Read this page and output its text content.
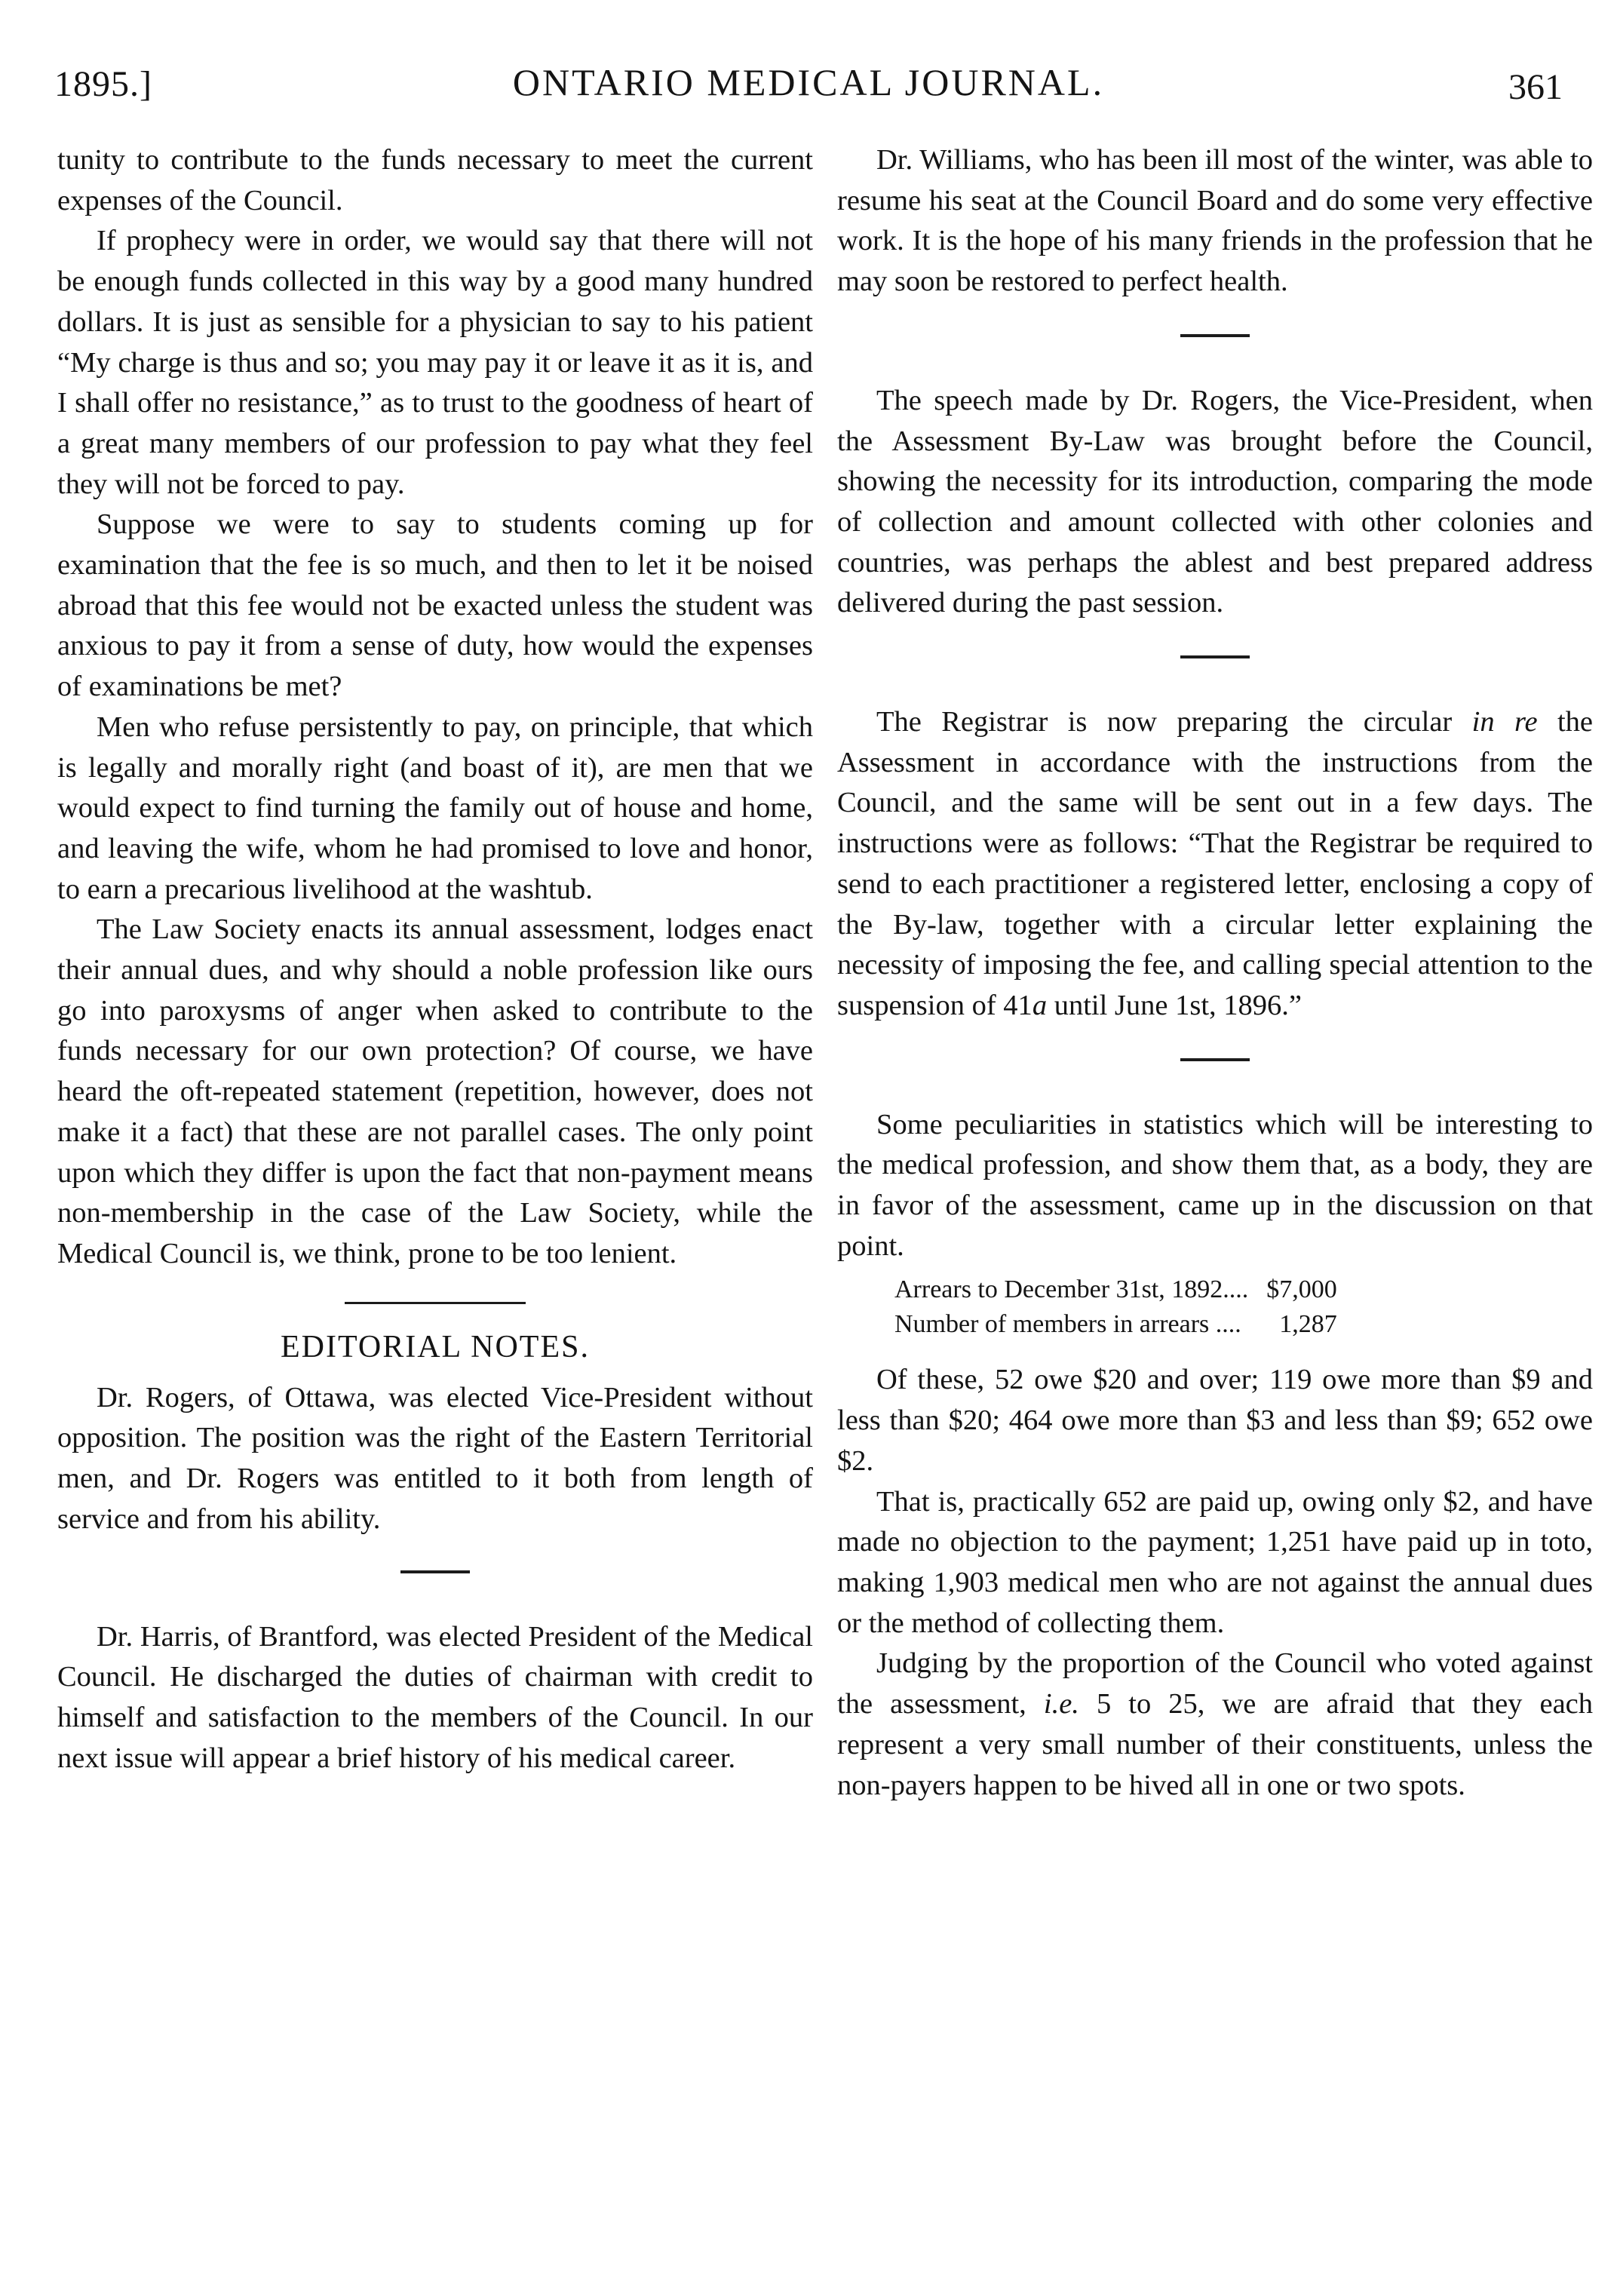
1895.]	ONTARIO MEDICAL JOURNAL.	361

tunity to contribute to the funds necessary to meet the current expenses of the Council.

If prophecy were in order, we would say that there will not be enough funds collected in this way by a good many hundred dollars. It is just as sensible for a physician to say to his patient “My charge is thus and so; you may pay it or leave it as it is, and I shall offer no resistance,” as to trust to the goodness of heart of a great many members of our profession to pay what they feel they will not be forced to pay.

Suppose we were to say to students coming up for examination that the fee is so much, and then to let it be noised abroad that this fee would not be exacted unless the student was anxious to pay it from a sense of duty, how would the expenses of examinations be met?

Men who refuse persistently to pay, on principle, that which is legally and morally right (and boast of it), are men that we would expect to find turning the family out of house and home, and leaving the wife, whom he had promised to love and honor, to earn a precarious livelihood at the washtub.

The Law Society enacts its annual assessment, lodges enact their annual dues, and why should a noble profession like ours go into paroxysms of anger when asked to contribute to the funds necessary for our own protection? Of course, we have heard the oft-repeated statement (repetition, however, does not make it a fact) that these are not parallel cases. The only point upon which they differ is upon the fact that non-payment means non-membership in the case of the Law Society, while the Medical Council is, we think, prone to be too lenient.

EDITORIAL NOTES.

Dr. Rogers, of Ottawa, was elected Vice-President without opposition. The position was the right of the Eastern Territorial men, and Dr. Rogers was entitled to it both from length of service and from his ability.

Dr. Harris, of Brantford, was elected President of the Medical Council. He discharged the duties of chairman with credit to himself and satisfaction to the members of the Council. In our next issue will appear a brief history of his medical career.

Dr. Williams, who has been ill most of the winter, was able to resume his seat at the Council Board and do some very effective work. It is the hope of his many friends in the profession that he may soon be restored to perfect health.

The speech made by Dr. Rogers, the Vice-President, when the Assessment By-Law was brought before the Council, showing the necessity for its introduction, comparing the mode of collection and amount collected with other colonies and countries, was perhaps the ablest and best prepared address delivered during the past session.

The Registrar is now preparing the circular in re the Assessment in accordance with the instructions from the Council, and the same will be sent out in a few days. The instructions were as follows: “That the Registrar be required to send to each practitioner a registered letter, enclosing a copy of the By-law, together with a circular letter explaining the necessity of imposing the fee, and calling special attention to the suspension of 41a until June 1st, 1896.”

Some peculiarities in statistics which will be interesting to the medical profession, and show them that, as a body, they are in favor of the assessment, came up in the discussion on that point.

Arrears to December 31st, 1892....	$7,000
Number of members in arrears ....	1,287

Of these, 52 owe $20 and over; 119 owe more than $9 and less than $20; 464 owe more than $3 and less than $9; 652 owe $2.

That is, practically 652 are paid up, owing only $2, and have made no objection to the payment; 1,251 have paid up in toto, making 1,903 medical men who are not against the annual dues or the method of collecting them.

Judging by the proportion of the Council who voted against the assessment, i.e. 5 to 25, we are afraid that they each represent a very small number of their constituents, unless the non-payers happen to be hived all in one or two spots.
